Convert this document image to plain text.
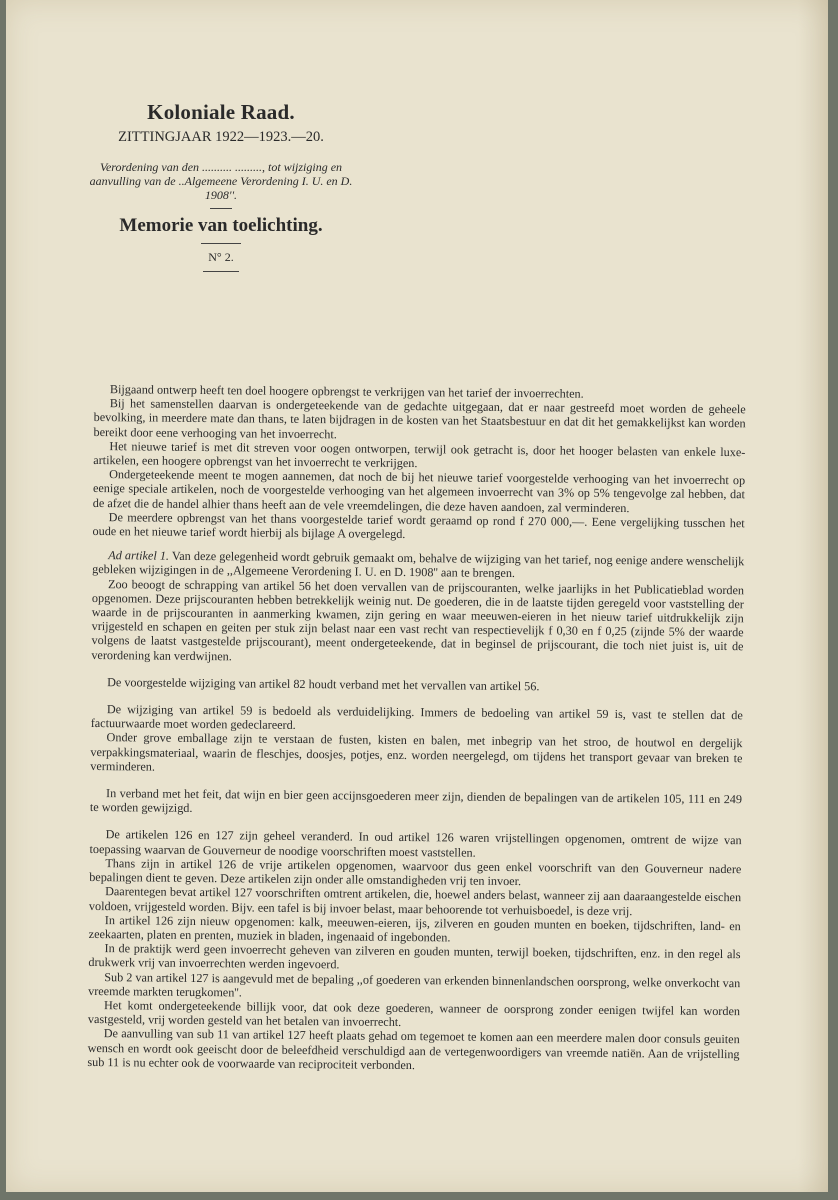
Koloniale Raad.
ZITTINGJAAR 1922—1923.—20.
Verordening van den .......... ........., tot wijziging en aanvulling van de ..Algemeene Verordening I. U. en D. 1908''.
Memorie van toelichting.
N° 2.

Bijgaand ontwerp heeft ten doel hoogere opbrengst te verkrijgen van het tarief der invoerrechten.

Bij het samenstellen daarvan is ondergeteekende van de gedachte uitgegaan, dat er naar gestreefd moet worden de geheele bevolking, in meerdere mate dan thans, te laten bijdragen in de kosten van het Staatsbestuur en dat dit het gemakkelijkst kan worden bereikt door eene verhooging van het invoerrecht.

Het nieuwe tarief is met dit streven voor oogen ontworpen, terwijl ook getracht is, door het hooger belasten van enkele luxe-artikelen, een hoogere opbrengst van het invoerrecht te verkrijgen.

Ondergeteekende meent te mogen aannemen, dat noch de bij het nieuwe tarief voorgestelde verhooging van het invoerrecht op eenige speciale artikelen, noch de voorgestelde verhooging van het algemeen invoerrecht van 3% op 5% tengevolge zal hebben, dat de afzet die de handel alhier thans heeft aan de vele vreemdelingen, die deze haven aandoen, zal verminderen.

De meerdere opbrengst van het thans voorgestelde tarief wordt geraamd op rond f 270 000,—. Eene vergelijking tusschen het oude en het nieuwe tarief wordt hierbij als bijlage A overgelegd.

Ad artikel 1. Van deze gelegenheid wordt gebruik gemaakt om, behalve de wijziging van het tarief, nog eenige andere wenschelijk gebleken wijzigingen in de ,,Algemeene Verordening I. U. en D. 1908'' aan te brengen.

Zoo beoogt de schrapping van artikel 56 het doen vervallen van de prijscouranten, welke jaarlijks in het Publicatieblad worden opgenomen. Deze prijscouranten hebben betrekkelijk weinig nut. De goederen, die in de laatste tijden geregeld voor vaststelling der waarde in de prijscouranten in aanmerking kwamen, zijn gering en waar meeuwen-eieren in het nieuw tarief uitdrukkelijk zijn vrijgesteld en schapen en geiten per stuk zijn belast naar een vast recht van respectievelijk f 0,30 en f 0,25 (zijnde 5% der waarde volgens de laatst vastgestelde prijscourant), meent ondergeteekende, dat in beginsel de prijscourant, die toch niet juist is, uit de verordening kan verdwijnen.

De voorgestelde wijziging van artikel 82 houdt verband met het vervallen van artikel 56.

De wijziging van artikel 59 is bedoeld als verduidelijking. Immers de bedoeling van artikel 59 is, vast te stellen dat de factuurwaarde moet worden gedeclareerd.

Onder grove emballage zijn te verstaan de fusten, kisten en balen, met inbegrip van het stroo, de houtwol en dergelijk verpakkingsmateriaal, waarin de fleschjes, doosjes, potjes, enz. worden neergelegd, om tijdens het transport gevaar van breken te verminderen.

In verband met het feit, dat wijn en bier geen accijnsgoederen meer zijn, dienden de bepalingen van de artikelen 105, 111 en 249 te worden gewijzigd.

De artikelen 126 en 127 zijn geheel veranderd. In oud artikel 126 waren vrijstellingen opgenomen, omtrent de wijze van toepassing waarvan de Gouverneur de noodige voorschriften moest vaststellen.

Thans zijn in artikel 126 de vrije artikelen opgenomen, waarvoor dus geen enkel voorschrift van den Gouverneur nadere bepalingen dient te geven. Deze artikelen zijn onder alle omstandigheden vrij ten invoer.

Daarentegen bevat artikel 127 voorschriften omtrent artikelen, die, hoewel anders belast, wanneer zij aan daaraangestelde eischen voldoen, vrijgesteld worden. Bijv. een tafel is bij invoer belast, maar behoorende tot verhuisboedel, is deze vrij.

In artikel 126 zijn nieuw opgenomen: kalk, meeuwen-eieren, ijs, zilveren en gouden munten en boeken, tijdschriften, land- en zeekaarten, platen en prenten, muziek in bladen, ingenaaid of ingebonden.

In de praktijk werd geen invoerrecht geheven van zilveren en gouden munten, terwijl boeken, tijdschriften, enz. in den regel als drukwerk vrij van invoerrechten werden ingevoerd.

Sub 2 van artikel 127 is aangevuld met de bepaling ,,of goederen van erkenden binnenlandschen oorsprong, welke onverkocht van vreemde markten terugkomen''.

Het komt ondergeteekende billijk voor, dat ook deze goederen, wanneer de oorsprong zonder eenigen twijfel kan worden vastgesteld, vrij worden gesteld van het betalen van invoerrecht.

De aanvulling van sub 11 van artikel 127 heeft plaats gehad om tegemoet te komen aan een meerdere malen door consuls geuiten wensch en wordt ook geeischt door de beleefdheid verschuldigd aan de vertegenwoordigers van vreemde natiën. Aan de vrijstelling sub 11 is nu echter ook de voorwaarde van reciprociteit verbonden.
